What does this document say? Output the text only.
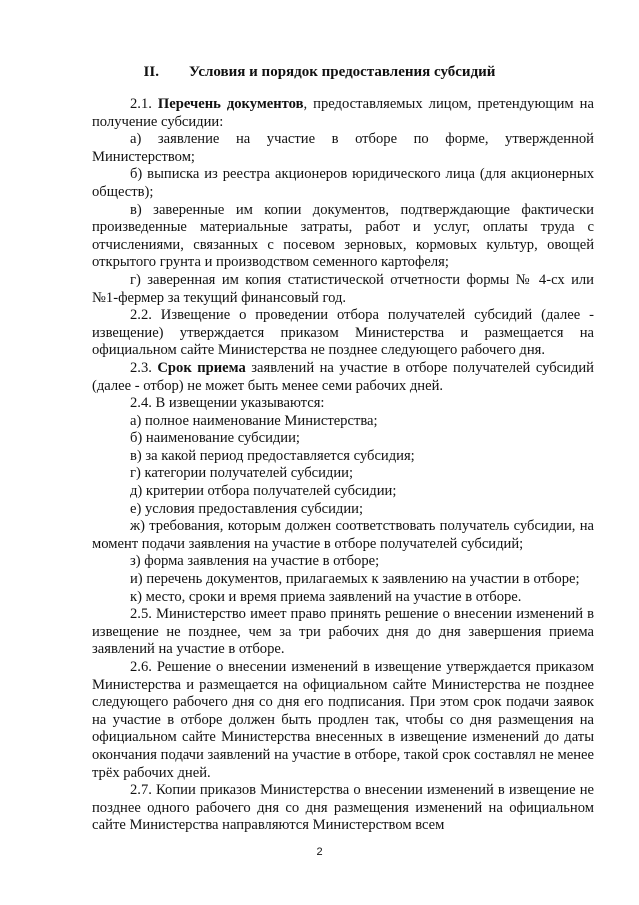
II. Условия и порядок предоставления субсидий

2.1. Перечень документов, предоставляемых лицом, претендующим на получение субсидии:

а) заявление на участие в отборе по форме, утвержденной Министерством;

б) выписка из реестра акционеров юридического лица (для акционерных обществ);

в) заверенные им копии документов, подтверждающие фактически произведенные материальные затраты, работ и услуг, оплаты труда с отчислениями, связанных с посевом зерновых, кормовых культур, овощей открытого грунта и производством семенного картофеля;

г) заверенная им копия статистической отчетности формы № 4-сх или №1-фермер за текущий финансовый год.

2.2. Извещение о проведении отбора получателей субсидий (далее - извещение) утверждается приказом Министерства и размещается на официальном сайте Министерства не позднее следующего рабочего дня.

2.3. Срок приема заявлений на участие в отборе получателей субсидий (далее - отбор) не может быть менее семи рабочих дней.

2.4. В извещении указываются:

а) полное наименование Министерства;

б) наименование субсидии;

в) за какой период предоставляется субсидия;

г) категории получателей субсидии;

д) критерии отбора получателей субсидии;

е) условия предоставления субсидии;

ж) требования, которым должен соответствовать получатель субсидии, на момент подачи заявления на участие в отборе получателей субсидий;

з) форма заявления на участие в отборе;

и) перечень документов, прилагаемых к заявлению на участии в отборе;

к) место, сроки и время приема заявлений на участие в отборе.

2.5. Министерство имеет право принять решение о внесении изменений в извещение не позднее, чем за три рабочих дня до дня завершения приема заявлений на участие в отборе.

2.6. Решение о внесении изменений в извещение утверждается приказом Министерства и размещается на официальном сайте Министерства не позднее следующего рабочего дня со дня его подписания. При этом срок подачи заявок на участие в отборе должен быть продлен так, чтобы со дня размещения на официальном сайте Министерства внесенных в извещение изменений до даты окончания подачи заявлений на участие в отборе, такой срок составлял не менее трёх рабочих дней.

2.7. Копии приказов Министерства о внесении изменений в извещение не позднее одного рабочего дня со дня размещения изменений на официальном сайте Министерства направляются Министерством всем

2
